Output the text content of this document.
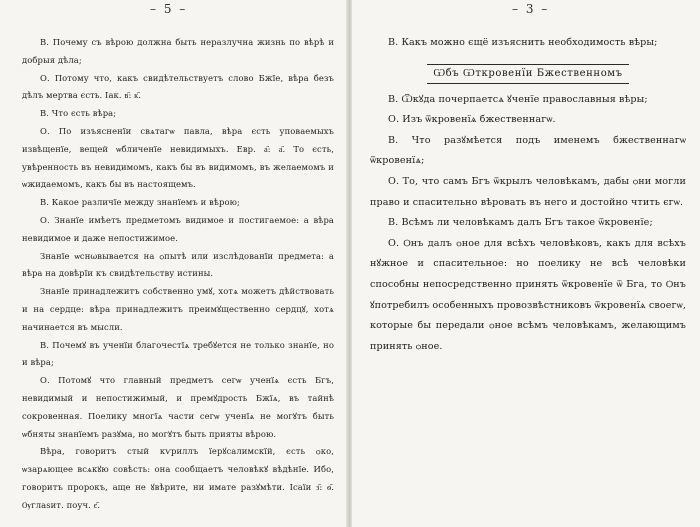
– 5 –

В. Почему съ вѣрою должна быть неразлучна жизнь по вѣрѣ и добрыя дѣла;

О. Потому что, какъ свидѣтельствуетъ слово Бжїе, вѣра безъ дѣлъ мертва єсть. Іак. в҃: к҃.

В. Что єсть вѣра;

О. По изъясненїи свѧтагѡ павла, вѣра єсть уповаемыхъ извѣщенїе, вещей ѡбличенїе невидимыхъ. Евр. а҃: а҃. То єсть, увѣренность въ невидимомъ, какъ бы въ видимомъ, въ желаемомъ и ѡжидаемомъ, какъ бы въ настоящемъ.

В. Какое различїе между знанїемъ и вѣрою;

О. Знанїе имѣетъ предметомъ видимое и постигаемое: а вѣра невидимое и даже непостижимое.

Знанїе ѡснωвывается на ѻпытѣ или изслѣдованїи предмета: а вѣра на довѣрїи къ свидѣтельству истины.

Знанїе принадлежитъ собственно умꙋ, хотѧ можетъ дѣйствовать и на сердце: вѣра принадлежитъ преимꙋщественно сердцꙋ, хотѧ начинается въ мысли.

В. Почемꙋ въ ученїи благочестїѧ требꙋется не только знанїе, но и вѣра;

О. Потомꙋ что главный предметъ сегѡ ученїѧ єсть Бгъ, невидимый и непостижимый, и премꙋдрость Бжїѧ, въ тайнѣ сокровенная. Поелику многїѧ части сегѡ ученїѧ не могꙋтъ быть ѡбняты знанїемъ разꙋма, но могꙋтъ быть прияты вѣрою.

Вѣра, говоритъ стый кѵриллъ їерꙋсалимскїй, єсть ѻко, ѡзарѧющее всѧкꙋю совѣсть: она сообщаетъ человѣкꙋ вѣдѣнїе. Ибо, говоритъ пророкъ, аще не ꙋвѣрите, ни имате разꙋмѣти. Ісаїи з҃: ѳ҃. Ѹглаѕит. поуч. є҃.

– 3 –

В. Какъ можно єщё изъяснить необходимость вѣры;

Ѡбъ Ѡткровенїи Бжественномъ

В. Ѿкꙋда почерпаетсѧ ꙋченїе православныя вѣры;

О. Изъ ѿкровенїѧ бжественнагѡ.

В. Что разꙋмѣется подъ именемъ бжественнагѡ ѿкровенїѧ;

О. То, что самъ Бгъ ѿкрылъ человѣкамъ, дабы ѻни могли право и спасительно вѣровать въ него и достойно чтить єгѡ.

В. Всѣмъ ли человѣкамъ далъ Бгъ такое ѿкровенїе;

О. Ѻнъ далъ ѻное для всѣхъ человѣковъ, какъ для всѣхъ нꙋжное и спасительное: но поелику не всѣ человѣки способны непосредственно принять ѿкровенїе ѿ Бга, то Ѻнъ ꙋпотребилъ особенныхъ провозвѣстниковъ ѿкровенїѧ своегѡ, которые бы передали ѻное всѣмъ человѣкамъ, желающимъ принять ѻное.
